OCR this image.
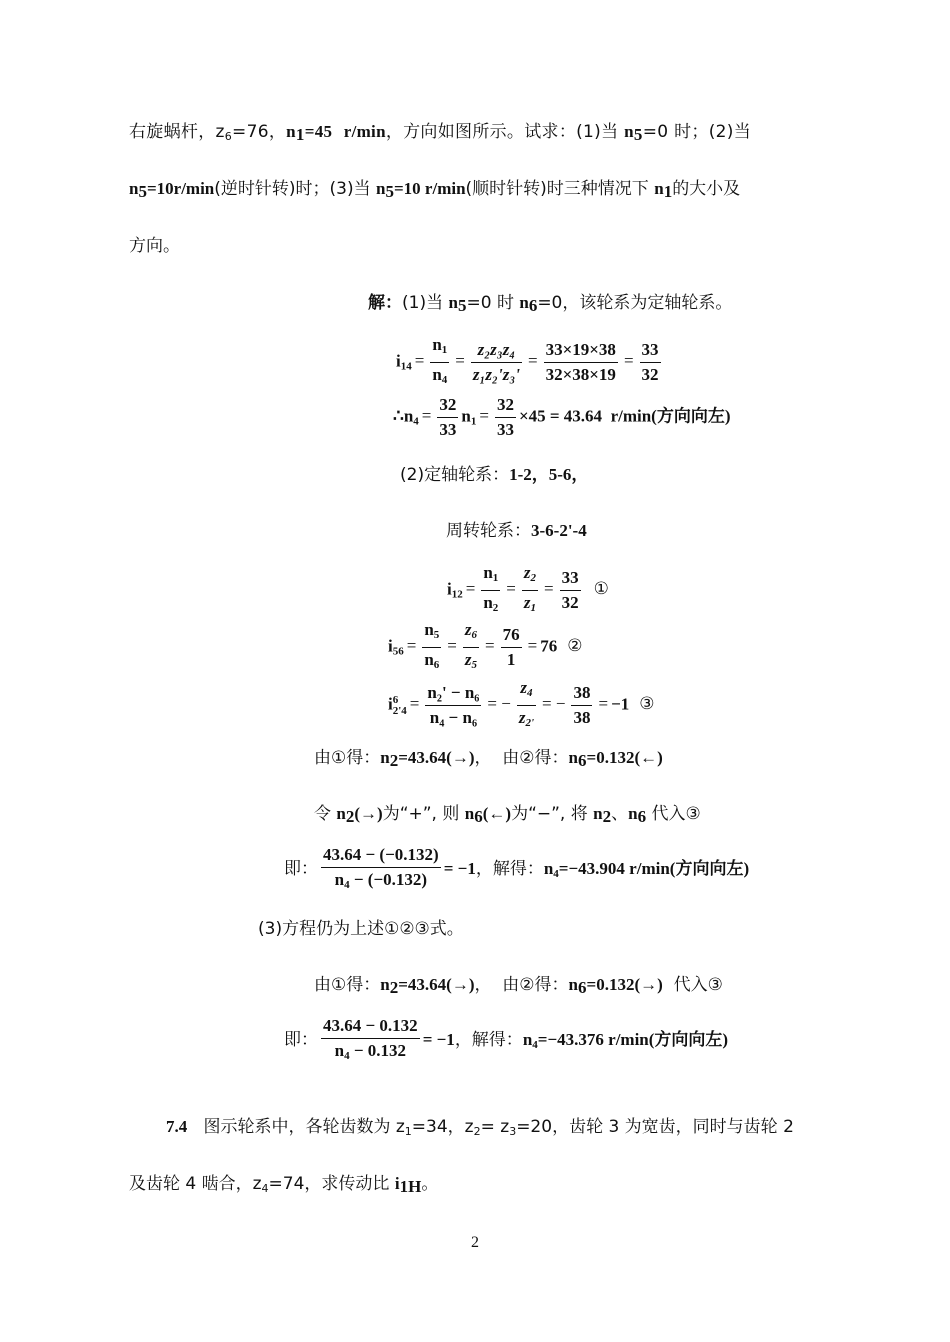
右旋蜗杆，$z_6=76$，$n_1=45$ r/min，方向如图所示。试求：(1)当 $n_5=0$ 时；(2)当
$n_5=10r/\min$(逆时针转)时；(3)当 $n_5=10$ r/min(顺时针转)时三种情况下 $n_1$的大小及
方向。
解：(1)当 $n_5=0$ 时 $n_6=0$，该轮系为定轴轮系。
$i_{14} = \frac{n_1}{n_4} = \frac{\text{z₂z₃z₄}}{\text{z₁z₂'z₃'}} = \frac{33\times 19\times 38}{32\times 38\times 19} = \frac{33}{32}$
$\therefore n_4 = \frac{32}{33} n_1 = \frac{32}{33} \times 45 = 43.64$ r/min(方向向左)
(2)定轴轮系：1-2，5-6，
周转轮系：3-6-2'-4
$i_{12} = \frac{n_1}{n_2} = \frac{z_2}{z_1} = \frac{33}{32}$ ①
$i_{56} = \frac{n_5}{n_6} = \frac{z_6}{z_5} = \frac{76}{1} = 76$ ②
i 6
$2'4 = \frac{\text{n₂' − n₆}}{\text{n₄ − n₆}}$ = − $\frac{z_4}{z_{2'}}$ = − $\frac{38}{38} = -1$ ③
由①得：$n_2=43.64(\to)$， 由②得：$n_6=0.132(\leftarrow)$
令 $n_2(\to)$为“+”, 则 $n_6(\leftarrow)$为“−”, 将 $n_2$、$n_6$ 代入③
即： $\frac{43.64 - (-0.132)}{n_4 - (-0.132)} = -1$，解得：$n_4=-43.904$ r/min(方向向左)
(3)方程仍为上述①②③式。
由①得：$n_2=43.64(\to)$， 由②得：$n_6=0.132(\to)$ 代入③
即： $\frac{43.64 - 0.132}{n_4 - 0.132} = -1$，解得：$n_4=-43.376$ r/min(方向向左)
7.4 图示轮系中，各轮齿数为 $z_1=34$，$z_2= z_3=20$，齿轮 3 为宽齿，同时与齿轮 2
及齿轮 4 啮合，$z_4=74$，求传动比 $i_{1H}$。
2
